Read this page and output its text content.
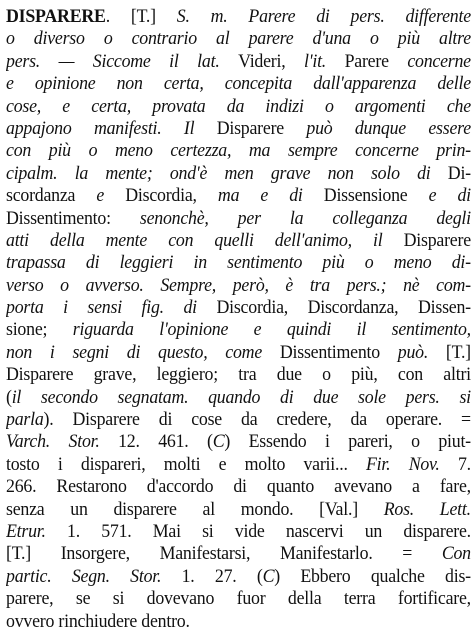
DISPARERE. [T.] S. m. Parere di pers. differente
o diverso o contrario al parere d'una o più altre
pers. — Siccome il lat. Videri, l'it. Parere concerne
e opinione non certa, concepita dall'apparenza delle
cose, e certa, provata da indizi o argomenti che
appajono manifesti. Il Disparere può dunque essere
con più o meno certezza, ma sempre concerne prin-
cipalm. la mente; ond'è men grave non solo di Di-
scordanza e Discordia, ma e di Dissensione e di
Dissentimento: senonchè, per la colleganza degli
atti della mente con quelli dell'animo, il Disparere
trapassa di leggieri in sentimento più o meno di-
verso o avverso. Sempre, però, è tra pers.; nè com-
porta i sensi fig. di Discordia, Discordanza, Dissen-
sione; riguarda l'opinione e quindi il sentimento,
non i segni di questo, come Dissentimento può. [T.]
Disparere grave, leggiero; tra due o più, con altri
(il secondo segnatam. quando di due sole pers. si
parla). Disparere di cose da credere, da operare. =
Varch. Stor. 12. 461. (C) Essendo i pareri, o piut-
tosto i dispareri, molti e molto varii... Fir. Nov. 7.
266. Restarono d'accordo di quanto avevano a fare,
senza un disparere al mondo. [Val.] Ros. Lett.
Etrur. 1. 571. Mai si vide nascervi un disparere.
[T.] Insorgere, Manifestarsi, Manifestarlo. = Con
partic. Segn. Stor. 1. 27. (C) Ebbero qualche dis-
parere, se si dovevano fuor della terra fortificare,
ovvero rinchiudere dentro.
